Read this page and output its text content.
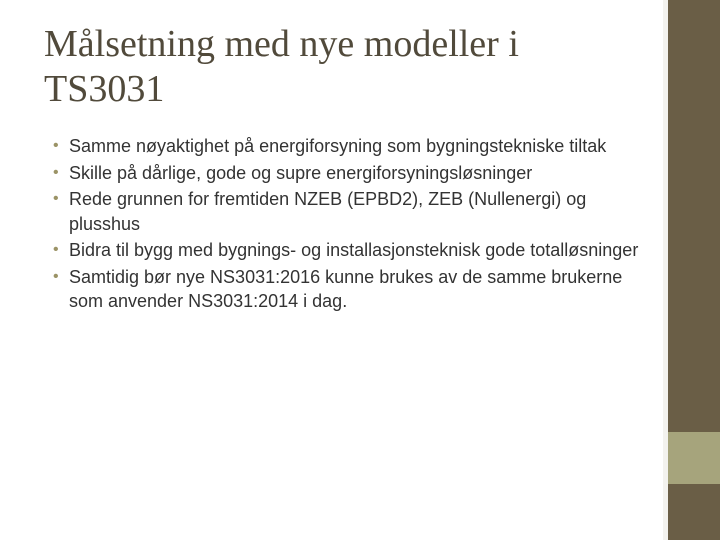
Målsetning med nye modeller i TS3031
• Samme nøyaktighet på energiforsyning som bygningstekniske tiltak
• Skille på dårlige, gode og supre energiforsyningsløsninger
• Rede grunnen for fremtiden NZEB (EPBD2), ZEB (Nullenergi) og plusshus
• Bidra til bygg med bygnings- og installasjonsteknisk gode totalløsninger
• Samtidig bør nye NS3031:2016 kunne brukes av de samme brukerne som anvender NS3031:2014 i dag.
